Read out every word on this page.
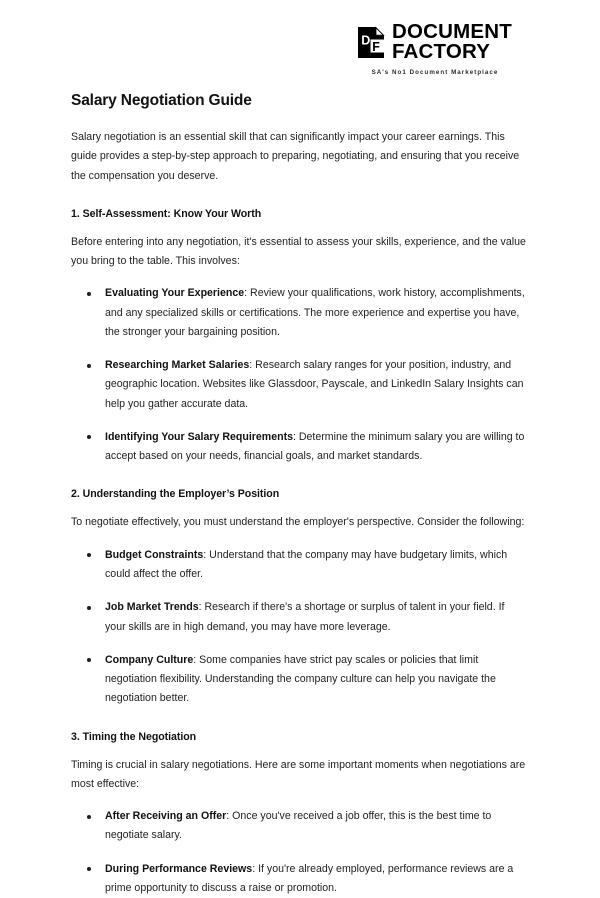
D F
DOCUMENT
FACTORY
SA's No1 Document Marketplace
Salary Negotiation Guide

Salary negotiation is an essential skill that can significantly impact your career earnings. This guide provides a step-by-step approach to preparing, negotiating, and ensuring that you receive the compensation you deserve.

1. Self-Assessment: Know Your Worth

Before entering into any negotiation, it's essential to assess your skills, experience, and the value you bring to the table. This involves:

Evaluating Your Experience: Review your qualifications, work history, accomplishments, and any specialized skills or certifications. The more experience and expertise you have, the stronger your bargaining position.
Researching Market Salaries: Research salary ranges for your position, industry, and geographic location. Websites like Glassdoor, Payscale, and LinkedIn Salary Insights can help you gather accurate data.
Identifying Your Salary Requirements: Determine the minimum salary you are willing to accept based on your needs, financial goals, and market standards.
2. Understanding the Employer’s Position

To negotiate effectively, you must understand the employer's perspective. Consider the following:

Budget Constraints: Understand that the company may have budgetary limits, which could affect the offer.
Job Market Trends: Research if there's a shortage or surplus of talent in your field. If your skills are in high demand, you may have more leverage.
Company Culture: Some companies have strict pay scales or policies that limit negotiation flexibility. Understanding the company culture can help you navigate the negotiation better.
3. Timing the Negotiation

Timing is crucial in salary negotiations. Here are some important moments when negotiations are most effective:

After Receiving an Offer: Once you've received a job offer, this is the best time to negotiate salary.
During Performance Reviews: If you're already employed, performance reviews are a prime opportunity to discuss a raise or promotion.
